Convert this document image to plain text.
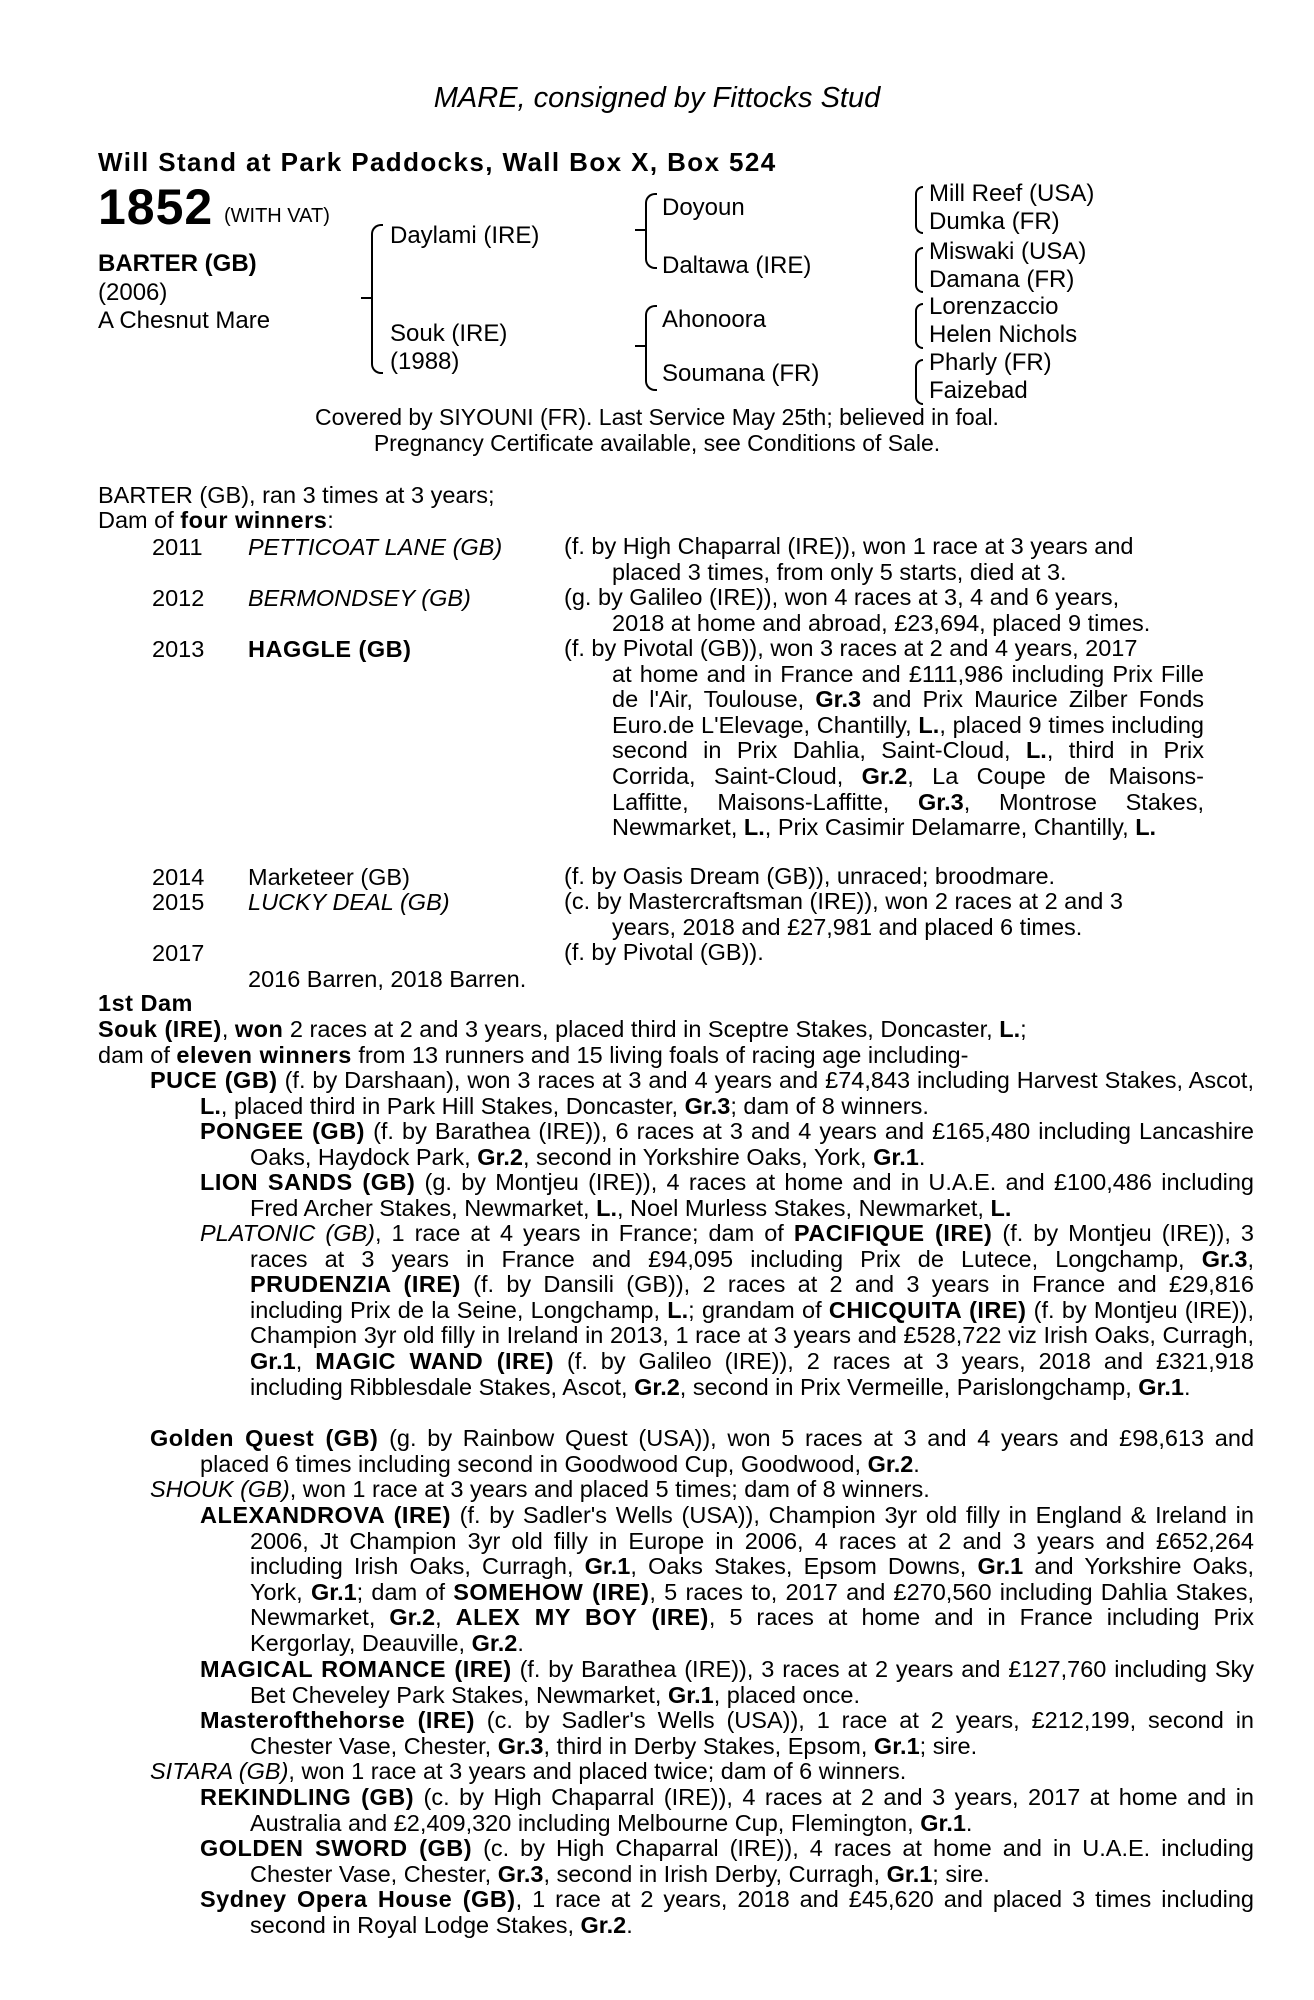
MARE, consigned by Fittocks Stud
Will Stand at Park Paddocks, Wall Box X, Box 524
1852 (WITH VAT)
BARTER (GB)
(2006)
A Chesnut Mare
Daylami (IRE)
Souk (IRE)
(1988)
Doyoun
Daltawa (IRE)
Ahonoora
Soumana (FR)
Mill Reef (USA)
Dumka (FR)
Miswaki (USA)
Damana (FR)
Lorenzaccio
Helen Nichols
Pharly (FR)
Faizebad
Covered by SIYOUNI (FR). Last Service May 25th; believed in foal.
Pregnancy Certificate available, see Conditions of Sale.
BARTER (GB), ran 3 times at 3 years;
Dam of four winners:
2011 PETTICOAT LANE (GB)	(f. by High Chaparral (IRE)), won 1 race at 3 years and
placed 3 times, from only 5 starts, died at 3.
2012 BERMONDSEY (GB)	(g. by Galileo (IRE)), won 4 races at 3, 4 and 6 years,
2018 at home and abroad, £23,694, placed 9 times.
2013 HAGGLE (GB)	(f. by Pivotal (GB)), won 3 races at 2 and 4 years, 2017
at home and in France and £111,986 including Prix Fille de l'Air, Toulouse, Gr.3 and Prix Maurice Zilber Fonds Euro.de L'Elevage, Chantilly, L., placed 9 times including second in Prix Dahlia, Saint-Cloud, L., third in Prix Corrida, Saint-Cloud, Gr.2, La Coupe de Maisons-Laffitte, Maisons-Laffitte, Gr.3, Montrose Stakes, Newmarket, L., Prix Casimir Delamarre, Chantilly, L.
2014 Marketeer (GB)	(f. by Oasis Dream (GB)), unraced; broodmare.
2015 LUCKY DEAL (GB)	(c. by Mastercraftsman (IRE)), won 2 races at 2 and 3
years, 2018 and £27,981 and placed 6 times.
2017	(f. by Pivotal (GB)).
2016 Barren, 2018 Barren.
1st Dam
Souk (IRE), won 2 races at 2 and 3 years, placed third in Sceptre Stakes, Doncaster, L.;
dam of eleven winners from 13 runners and 15 living foals of racing age including-
PUCE (GB) (f. by Darshaan), won 3 races at 3 and 4 years and £74,843 including Harvest Stakes, Ascot, L., placed third in Park Hill Stakes, Doncaster, Gr.3; dam of 8 winners.
PONGEE (GB) (f. by Barathea (IRE)), 6 races at 3 and 4 years and £165,480 including Lancashire Oaks, Haydock Park, Gr.2, second in Yorkshire Oaks, York, Gr.1.
LION SANDS (GB) (g. by Montjeu (IRE)), 4 races at home and in U.A.E. and £100,486 including Fred Archer Stakes, Newmarket, L., Noel Murless Stakes, Newmarket, L.
PLATONIC (GB), 1 race at 4 years in France; dam of PACIFIQUE (IRE) (f. by Montjeu (IRE)), 3 races at 3 years in France and £94,095 including Prix de Lutece, Longchamp, Gr.3, PRUDENZIA (IRE) (f. by Dansili (GB)), 2 races at 2 and 3 years in France and £29,816 including Prix de la Seine, Longchamp, L.; grandam of CHICQUITA (IRE) (f. by Montjeu (IRE)), Champion 3yr old filly in Ireland in 2013, 1 race at 3 years and £528,722 viz Irish Oaks, Curragh, Gr.1, MAGIC WAND (IRE) (f. by Galileo (IRE)), 2 races at 3 years, 2018 and £321,918 including Ribblesdale Stakes, Ascot, Gr.2, second in Prix Vermeille, Parislongchamp, Gr.1.
Golden Quest (GB) (g. by Rainbow Quest (USA)), won 5 races at 3 and 4 years and £98,613 and placed 6 times including second in Goodwood Cup, Goodwood, Gr.2.
SHOUK (GB), won 1 race at 3 years and placed 5 times; dam of 8 winners.
ALEXANDROVA (IRE) (f. by Sadler's Wells (USA)), Champion 3yr old filly in England & Ireland in 2006, Jt Champion 3yr old filly in Europe in 2006, 4 races at 2 and 3 years and £652,264 including Irish Oaks, Curragh, Gr.1, Oaks Stakes, Epsom Downs, Gr.1 and Yorkshire Oaks, York, Gr.1; dam of SOMEHOW (IRE), 5 races to, 2017 and £270,560 including Dahlia Stakes, Newmarket, Gr.2, ALEX MY BOY (IRE), 5 races at home and in France including Prix Kergorlay, Deauville, Gr.2.
MAGICAL ROMANCE (IRE) (f. by Barathea (IRE)), 3 races at 2 years and £127,760 including Sky Bet Cheveley Park Stakes, Newmarket, Gr.1, placed once.
Masterofthehorse (IRE) (c. by Sadler's Wells (USA)), 1 race at 2 years, £212,199, second in Chester Vase, Chester, Gr.3, third in Derby Stakes, Epsom, Gr.1; sire.
SITARA (GB), won 1 race at 3 years and placed twice; dam of 6 winners.
REKINDLING (GB) (c. by High Chaparral (IRE)), 4 races at 2 and 3 years, 2017 at home and in Australia and £2,409,320 including Melbourne Cup, Flemington, Gr.1.
GOLDEN SWORD (GB) (c. by High Chaparral (IRE)), 4 races at home and in U.A.E. including Chester Vase, Chester, Gr.3, second in Irish Derby, Curragh, Gr.1; sire.
Sydney Opera House (GB), 1 race at 2 years, 2018 and £45,620 and placed 3 times including second in Royal Lodge Stakes, Gr.2.
